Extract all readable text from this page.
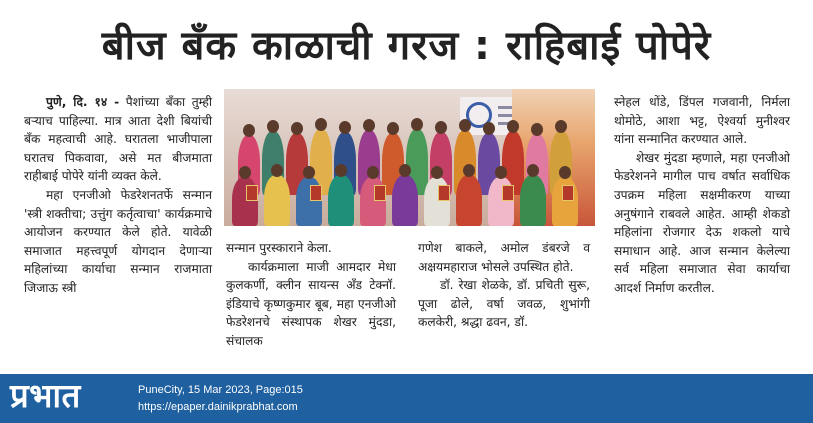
बीज बँक काळाची गरज : राहिबाई पोपेरे

पुणे, दि. १४ - पैशांच्या बँका तुम्ही बऱ्याच पाहिल्या. मात्र आता देशी बियांची बँक महत्वाची आहे. घरातला भाजीपाला घरातच पिकवावा, असे मत बीजमाता राहीबाई पोपेरे यांनी व्यक्त केले.

महा एनजीओ फेडरेशनतर्फे सन्मान 'स्त्री शक्तीचा; उत्तुंग कर्तृत्वाचा' कार्यक्रमाचे आयोजन करण्यात केले होते. यावेळी समाजात महत्त्वपूर्ण योगदान देणाऱ्या महिलांच्या कार्याचा सन्मान राजमाता जिजाऊ स्त्री

सन्मान पुरस्काराने केला.

कार्यक्रमाला माजी आमदार मेधा कुलकर्णी, क्लीन सायन्स अँड टेक्नॉ. इंडियाचे कृष्णकुमार बूब, महा एनजीओ फेडरेशनचे संस्थापक शेखर मुंदडा, संचालक

गणेश बाकले, अमोल डंबरजे व अक्षयमहाराज भोसले उपस्थित होते.

डॉ. रेखा शेळके, डॉ. प्रचिती सुरू, पूजा ढोले, वर्षा जवळ, शुभांगी कलकेरी, श्रद्धा ढवन, डॉ.

स्नेहल धोंडे, डिंपल गजवानी, निर्मला थोमोठे, आशा भट्ट, ऐश्वर्या मुनीश्वर यांना सन्मानित करण्यात आले.

शेखर मुंदडा म्हणाले, महा एनजीओ फेडरेशनने मागील पाच वर्षात सर्वाधिक उपक्रम महिला सक्षमीकरण याच्या अनुषंगाने राबवले आहेत. आम्ही शेकडो महिलांना रोजगार देऊ शकलो याचे समाधान आहे. आज सन्मान केलेल्या सर्व महिला समाजात सेवा कार्याचा आदर्श निर्माण करतील.

प्रभात	PuneCity, 15 Mar 2023, Page:015
https://epaper.dainikprabhat.com
